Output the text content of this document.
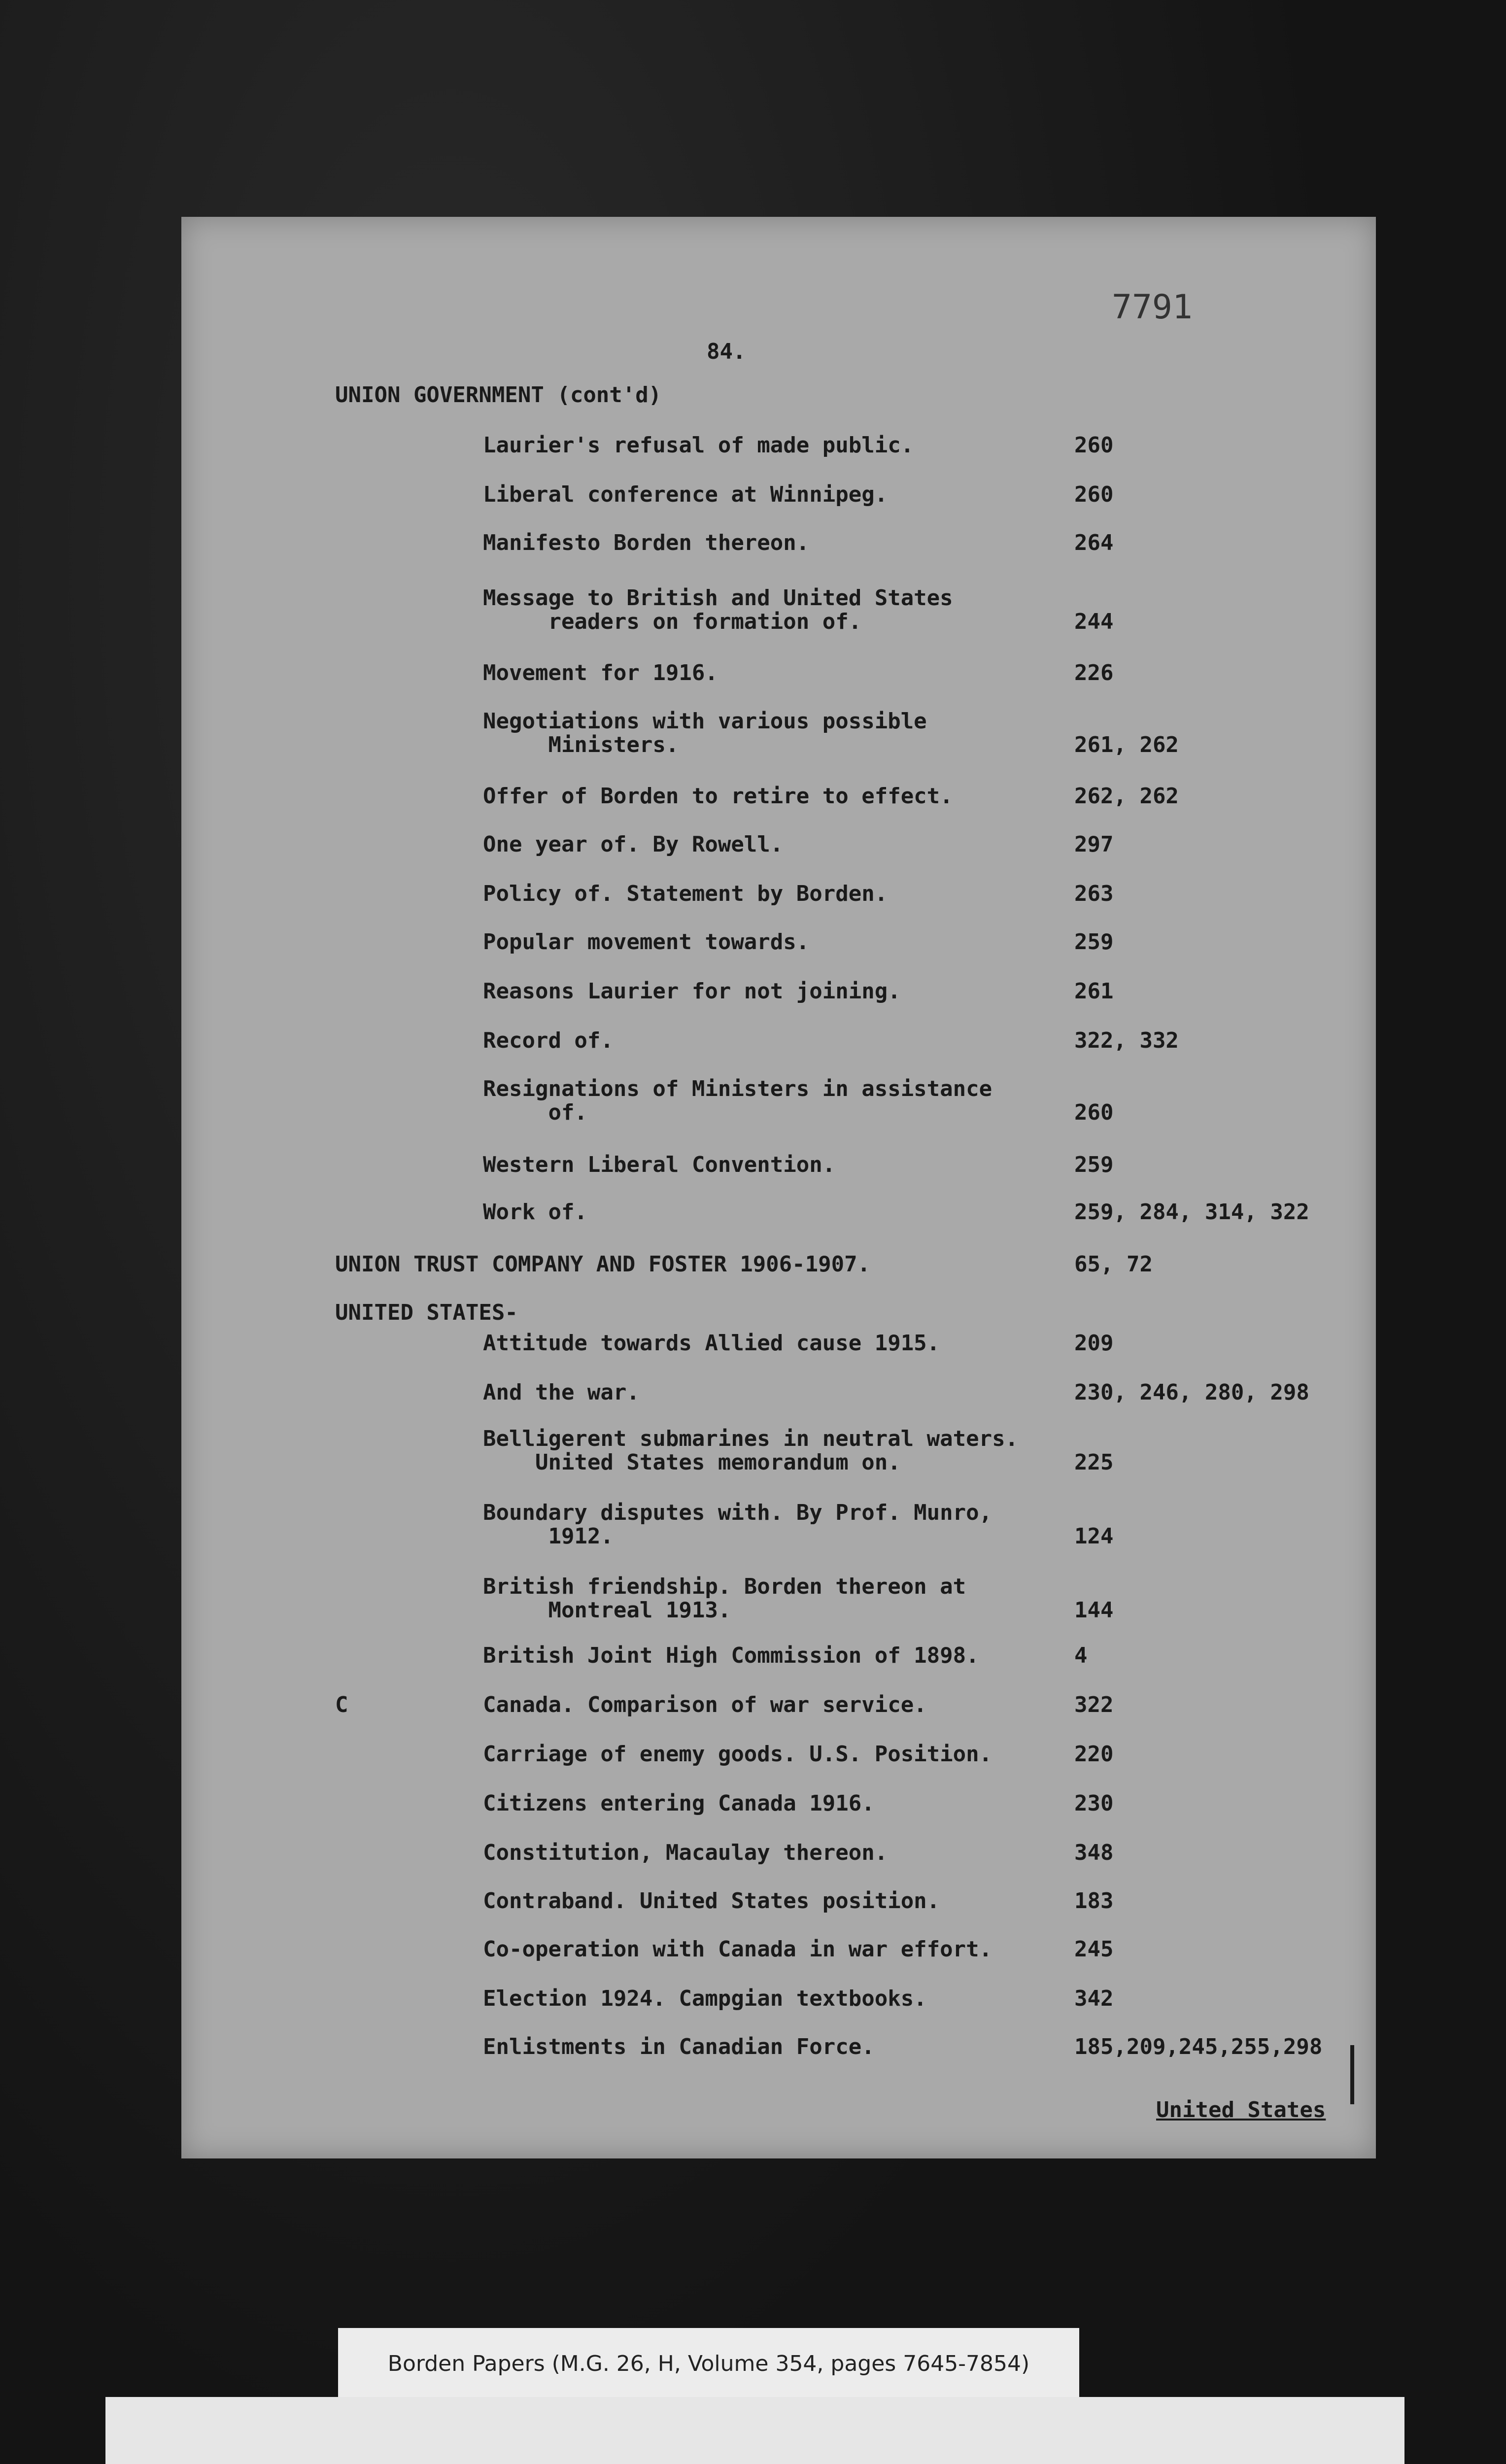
7791
84.
UNION GOVERNMENT (cont'd)
Laurier's refusal of made public.	260
Liberal conference at Winnipeg.	260
Manifesto Borden thereon.	264
Message to British and United States
readers on formation of.	244
Movement for 1916.	226
Negotiations with various possible
Ministers.	261, 262
Offer of Borden to retire to effect.	262, 262
One year of. By Rowell.	297
Policy of. Statement by Borden.	263
Popular movement towards.	259
Reasons Laurier for not joining.	261
Record of.	322, 332
Resignations of Ministers in assistance
of.	260
Western Liberal Convention.	259
Work of.	259, 284, 314, 322
UNION TRUST COMPANY AND FOSTER 1906-1907.	65, 72
UNITED STATES-
Attitude towards Allied cause 1915.	209
And the war.	230, 246, 280, 298
Belligerent submarines in neutral waters.
United States memorandum on.	225
Boundary disputes with. By Prof. Munro,
1912.	124
British friendship. Borden thereon at
Montreal 1913.	144
British Joint High Commission of 1898.	4
Canada. Comparison of war service.	322
Carriage of enemy goods. U.S. Position.	220
Citizens entering Canada 1916.	230
Constitution, Macaulay thereon.	348
Contraband. United States position.	183
Co-operation with Canada in war effort.	245
Election 1924. Campgian textbooks.	342
Enlistments in Canadian Force.	185,209,245,255,298
C
United States
Borden Papers (M.G. 26, H, Volume 354, pages 7645-7854)
